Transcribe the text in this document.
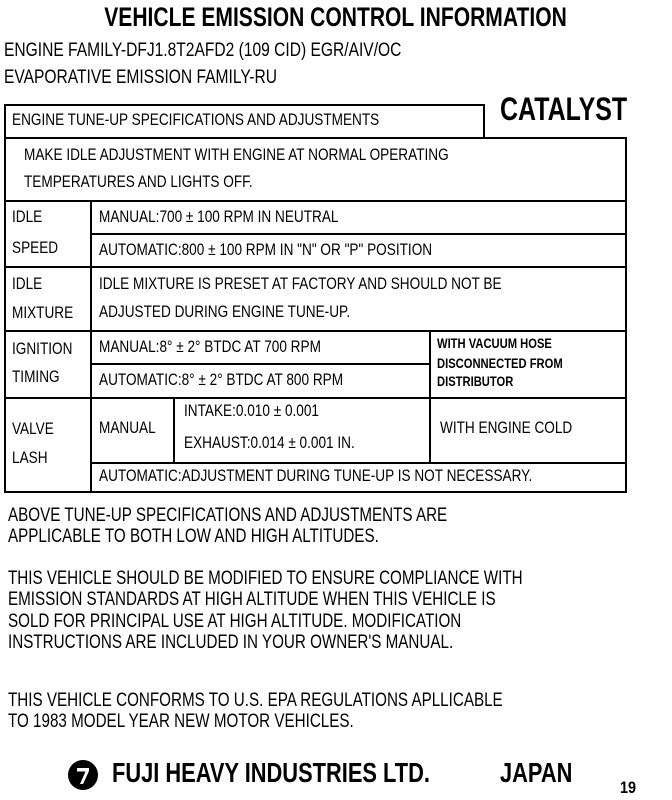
VEHICLE EMISSION CONTROL INFORMATION
ENGINE FAMILY-DFJ1.8T2AFD2 (109 CID) EGR/AIV/OC
EVAPORATIVE EMISSION FAMILY-RU
CATALYST
ENGINE TUNE-UP SPECIFICATIONS AND ADJUSTMENTS
MAKE IDLE ADJUSTMENT WITH ENGINE AT NORMAL OPERATING
TEMPERATURES AND LIGHTS OFF.
IDLE
SPEED
MANUAL:700 ± 100 RPM IN NEUTRAL
AUTOMATIC:800 ± 100 RPM IN "N" OR "P" POSITION
IDLE
MIXTURE
IDLE MIXTURE IS PRESET AT FACTORY AND SHOULD NOT BE
ADJUSTED DURING ENGINE TUNE-UP.
IGNITION
TIMING
MANUAL:8° ± 2° BTDC AT 700 RPM
AUTOMATIC:8° ± 2° BTDC AT 800 RPM
WITH VACUUM HOSE
DISCONNECTED FROM
DISTRIBUTOR
VALVE
LASH
MANUAL
INTAKE:0.010 ± 0.001
EXHAUST:0.014 ± 0.001 IN.
WITH ENGINE COLD
AUTOMATIC:ADJUSTMENT DURING TUNE-UP IS NOT NECESSARY.
ABOVE TUNE-UP SPECIFICATIONS AND ADJUSTMENTS ARE
APPLICABLE TO BOTH LOW AND HIGH ALTITUDES.
THIS VEHICLE SHOULD BE MODIFIED TO ENSURE COMPLIANCE WITH
EMISSION STANDARDS AT HIGH ALTITUDE WHEN THIS VEHICLE IS
SOLD FOR PRINCIPAL USE AT HIGH ALTITUDE. MODIFICATION
INSTRUCTIONS ARE INCLUDED IN YOUR OWNER'S MANUAL.
THIS VEHICLE CONFORMS TO U.S. EPA REGULATIONS APLLICABLE
TO 1983 MODEL YEAR NEW MOTOR VEHICLES.
FUJI HEAVY INDUSTRIES LTD.	JAPAN	19
